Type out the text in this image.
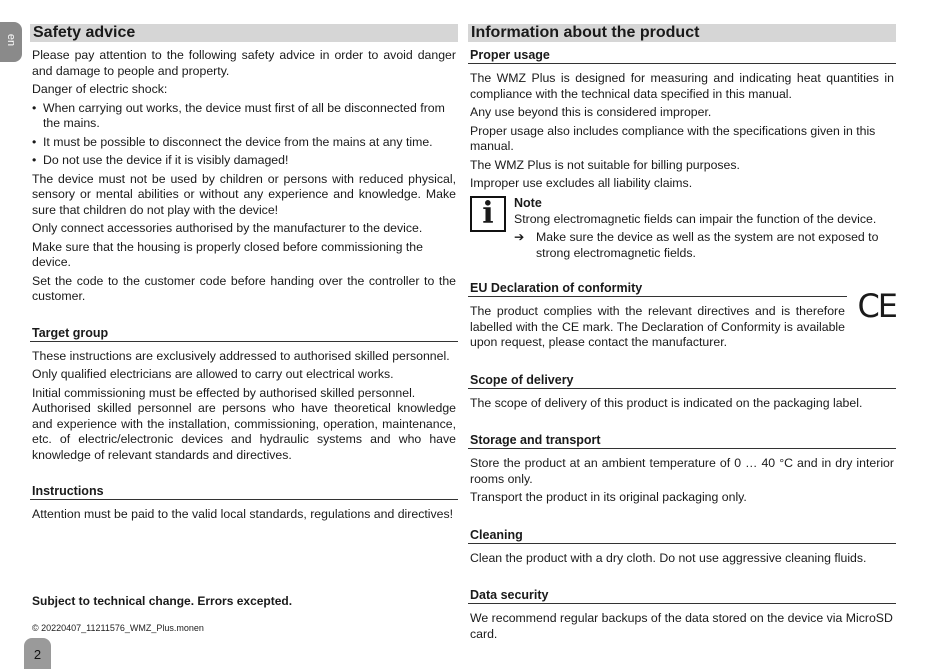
en Safety advice

Please pay attention to the following safety advice in order to avoid danger and damage to people and property.

Danger of electric shock:

• When carrying out works, the device must first of all be disconnected from the mains.
• It must be possible to disconnect the device from the mains at any time.
• Do not use the device if it is visibly damaged!

The device must not be used by children or persons with reduced physical, sensory or mental abilities or without any experience and knowledge. Make sure that children do not play with the device!

Only connect accessories authorised by the manufacturer to the device.

Make sure that the housing is properly closed before commissioning the device.

Set the code to the customer code before handing over the controller to the customer.

Target group

These instructions are exclusively addressed to authorised skilled personnel.

Only qualified electricians are allowed to carry out electrical works.

Initial commissioning must be effected by authorised skilled personnel.

Authorised skilled personnel are persons who have theoretical knowledge and experience with the installation, commissioning, operation, maintenance, etc. of electric/electronic devices and hydraulic systems and who have knowledge of relevant standards and directives.

Instructions

Attention must be paid to the valid local standards, regulations and directives!

Subject to technical change. Errors excepted.
© 20220407_11211576_WMZ_Plus.monen
2
Information about the product
Proper usage

The WMZ Plus is designed for measuring and indicating heat quantities in compliance with the technical data specified in this manual.

Any use beyond this is considered improper.

Proper usage also includes compliance with the specifications given in this manual.

The WMZ Plus is not suitable for billing purposes.

Improper use excludes all liability claims.

i	Note
Strong electromagnetic fields can impair the function of the device.
➔ Make sure the device as well as the system are not exposed to strong electromagnetic fields.
EU Declaration of conformity

The product complies with the relevant directives and is therefore labelled with the CE mark. The Declaration of Conformity is available upon request, please contact the manufacturer.

CE
Scope of delivery

The scope of delivery of this product is indicated on the packaging label.

Storage and transport

Store the product at an ambient temperature of 0 … 40 °C and in dry interior rooms only.

Transport the product in its original packaging only.

Cleaning

Clean the product with a dry cloth. Do not use aggressive cleaning fluids.

Data security

We recommend regular backups of the data stored on the device via MicroSD card.
